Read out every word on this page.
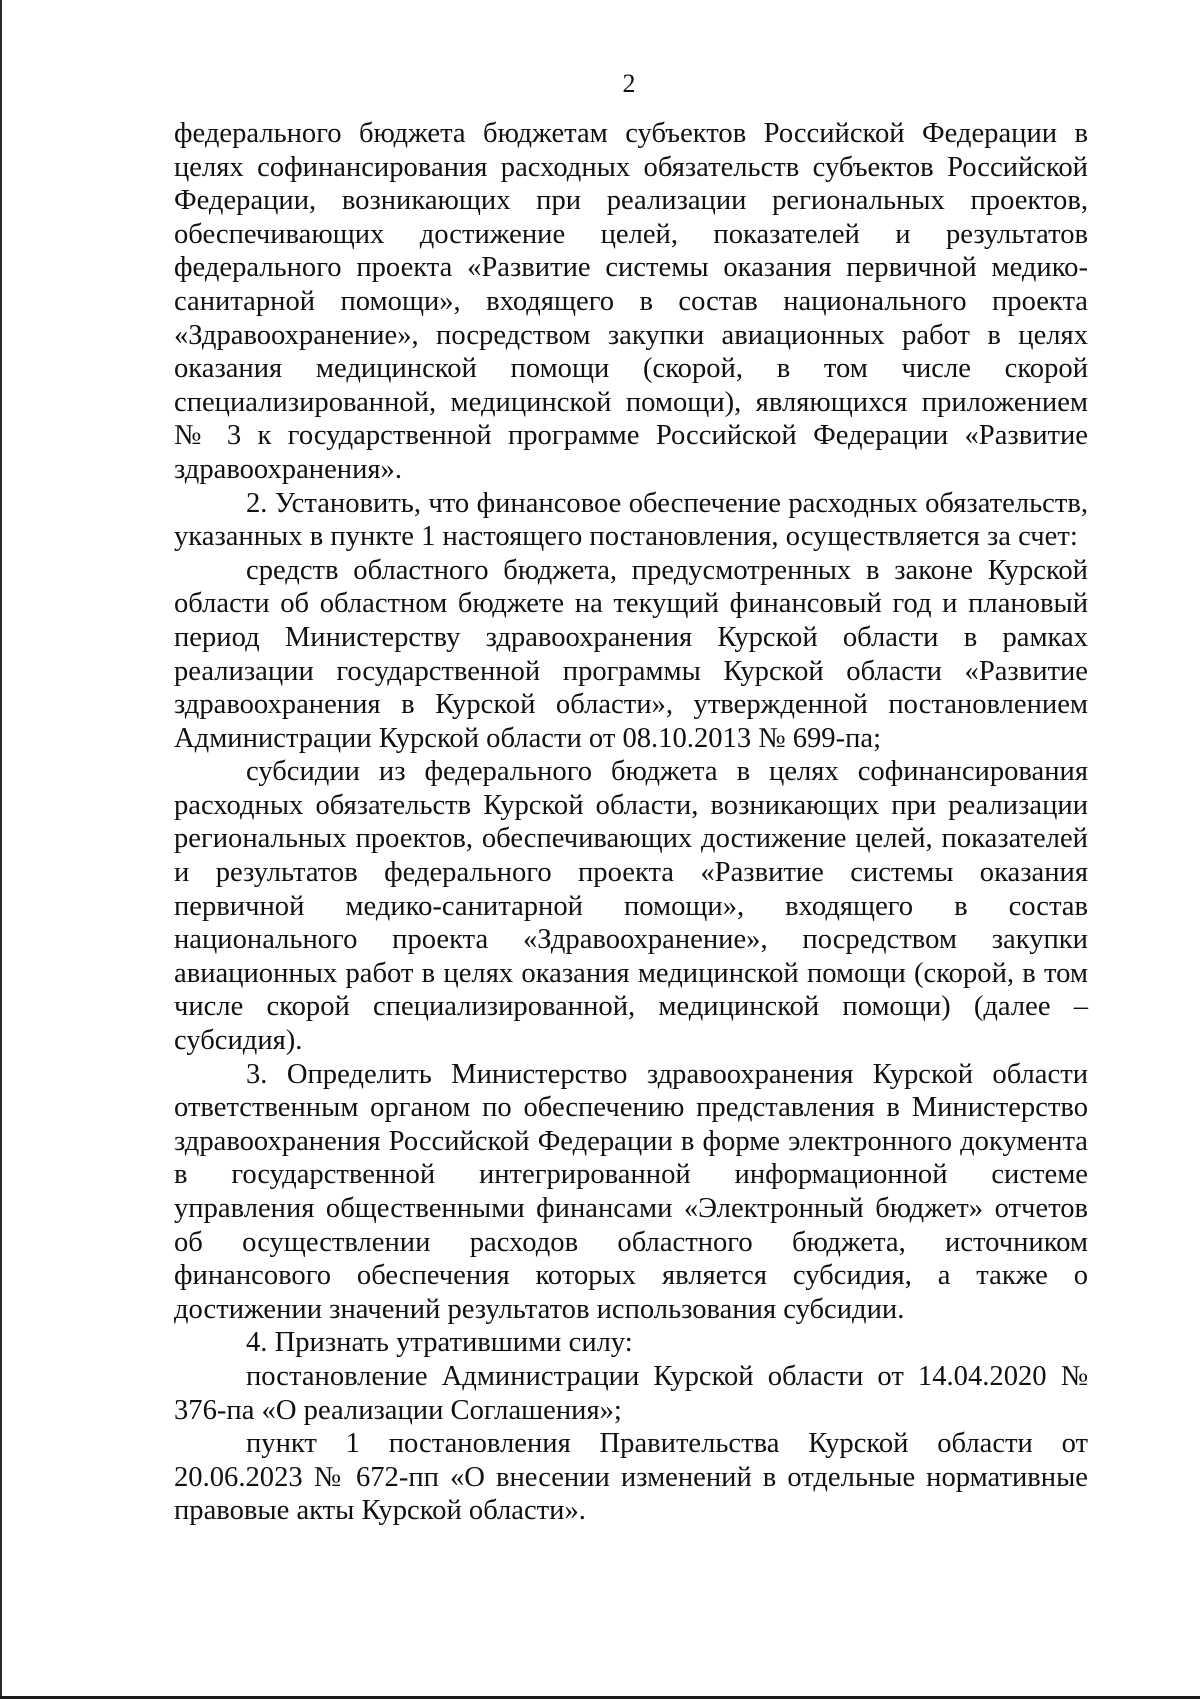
2

федерального бюджета бюджетам субъектов Российской Федерации в целях софинансирования расходных обязательств субъектов Российской Федерации, возникающих при реализации региональных проектов, обеспечивающих достижение целей, показателей и результатов федерального проекта «Развитие системы оказания первичной медико-санитарной помощи», входящего в состав национального проекта «Здравоохранение», посредством закупки авиационных работ в целях оказания медицинской помощи (скорой, в том числе скорой специализированной, медицинской помощи), являющихся приложением № 3 к государственной программе Российской Федерации «Развитие здравоохранения».

2. Установить, что финансовое обеспечение расходных обязательств, указанных в пункте 1 настоящего постановления, осуществляется за счет:

средств областного бюджета, предусмотренных в законе Курской области об областном бюджете на текущий финансовый год и плановый период Министерству здравоохранения Курской области в рамках реализации государственной программы Курской области «Развитие здравоохранения в Курской области», утвержденной постановлением Администрации Курской области от 08.10.2013 № 699-па;

субсидии из федерального бюджета в целях софинансирования расходных обязательств Курской области, возникающих при реализации региональных проектов, обеспечивающих достижение целей, показателей и результатов федерального проекта «Развитие системы оказания первичной медико-санитарной помощи», входящего в состав национального проекта «Здравоохранение», посредством закупки авиационных работ в целях оказания медицинской помощи (скорой, в том числе скорой специализированной, медицинской помощи) (далее – субсидия).

3. Определить Министерство здравоохранения Курской области ответственным органом по обеспечению представления в Министерство здравоохранения Российской Федерации в форме электронного документа в государственной интегрированной информационной системе управления общественными финансами «Электронный бюджет» отчетов об осуществлении расходов областного бюджета, источником финансового обеспечения которых является субсидия, а также о достижении значений результатов использования субсидии.

4. Признать утратившими силу:

постановление Администрации Курской области от 14.04.2020 № 376-па «О реализации Соглашения»;

пункт 1 постановления Правительства Курской области от 20.06.2023 № 672-пп «О внесении изменений в отдельные нормативные правовые акты Курской области».
